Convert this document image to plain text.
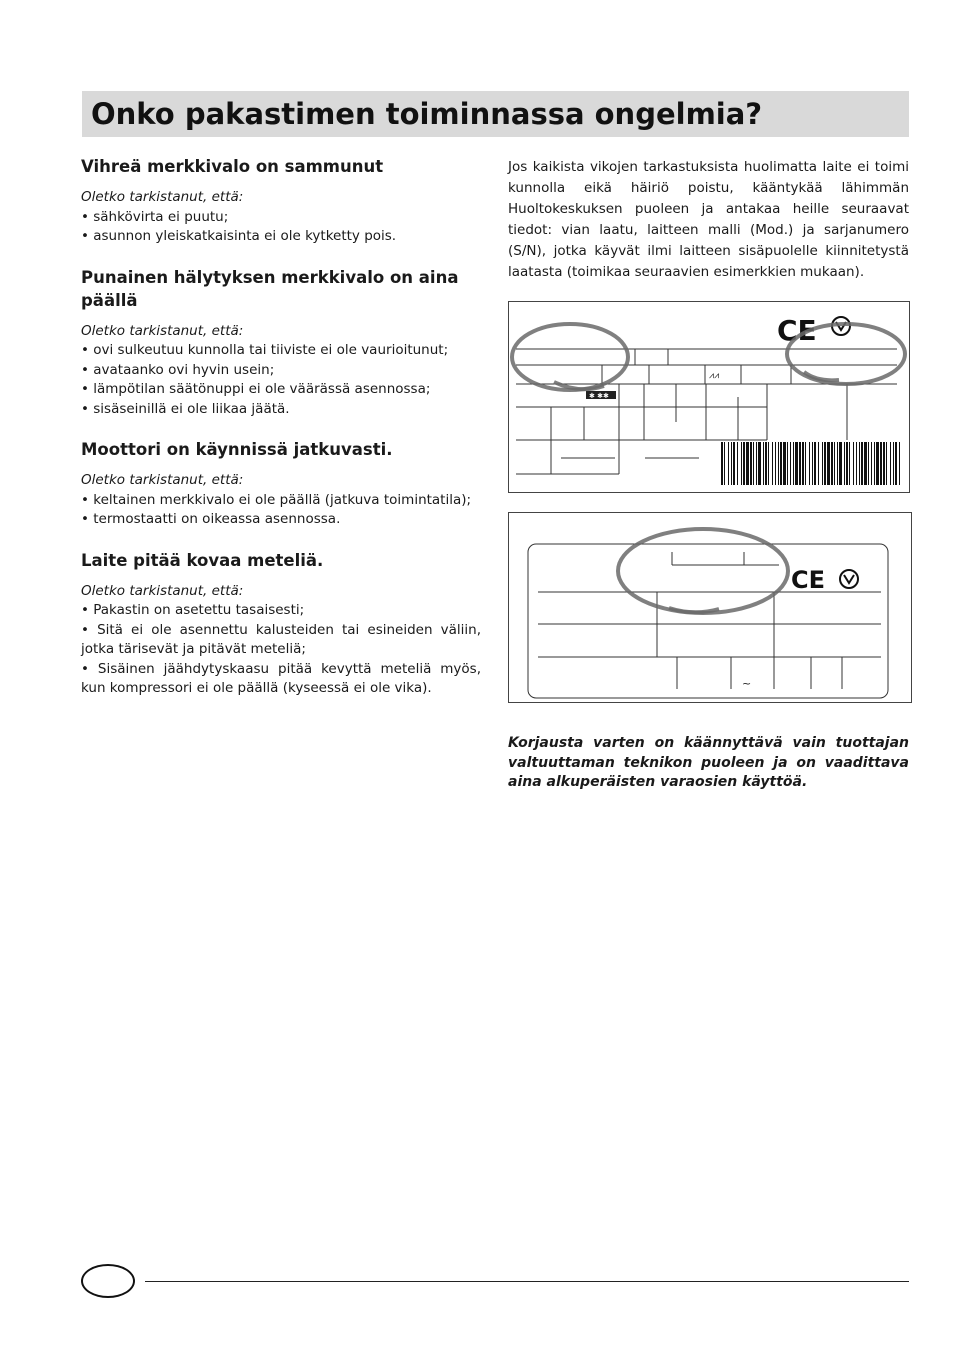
Onko pakastimen toiminnassa ongelmia?
Vihreä merkkivalo on sammunut

Oletko tarkistanut, että:

• sähkövirta ei puutu;

• asunnon yleiskatkaisinta ei ole kytketty pois.

Punainen hälytyksen merkkivalo on aina päällä

Oletko tarkistanut, että:

• ovi sulkeutuu kunnolla tai tiiviste ei ole vaurioitunut;

• avataanko ovi hyvin usein;

• lämpötilan säätönuppi ei ole väärässä asennossa;

• sisäseinillä ei ole liikaa jäätä.

Moottori on käynnissä jatkuvasti.

Oletko tarkistanut, että:

• keltainen merkkivalo ei ole päällä (jatkuva toimintatila);

• termostaatti on oikeassa asennossa.

Laite pitää kovaa meteliä.

Oletko tarkistanut, että:

• Pakastin on asetettu tasaisesti;

• Sitä ei ole asennettu kalusteiden tai esineiden väliin, jotka tärisevät ja pitävät meteliä;

• Sisäinen jäähdytyskaasu pitää kevyttä meteliä myös, kun kompressori ei ole päällä (kyseessä ei ole vika).

Jos kaikista vikojen tarkastuksista huolimatta laite ei toimi kunnolla eikä häiriö poistu, kääntykää lähimmän Huoltokeskuksen puoleen ja antakaa heille seuraavat tiedot: vian laatu, laitteen malli (Mod.) ja sarjanumero (S/N), jotka käyvät ilmi laitteen sisäpuolelle kiinnitetystä laatasta (toimikaa seuraavien esimerkkien mukaan).

✱ ✱✱
⩘⩘
CE
~
CE

Korjausta varten on käännyttävä vain tuottajan valtuuttaman teknikon puoleen ja on vaadittava aina alkuperäisten varaosien käyttöä.
